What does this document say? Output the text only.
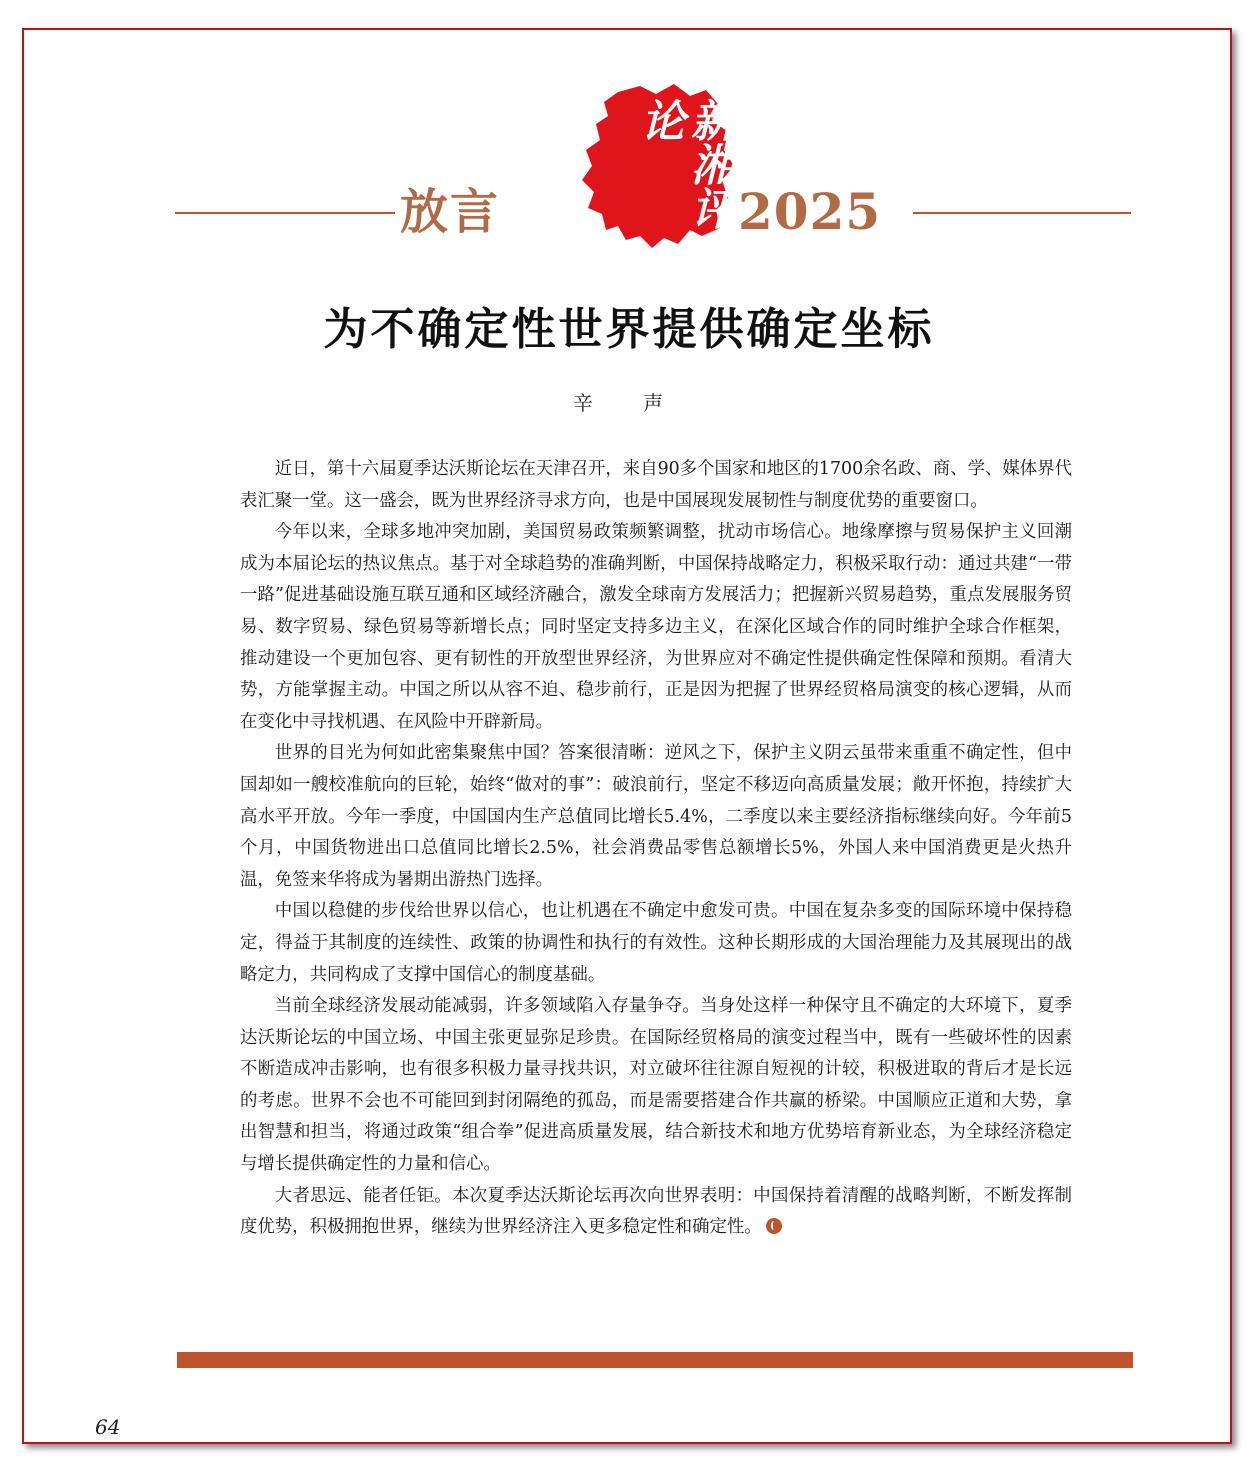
放言	新湘评论
2025
为不确定性世界提供确定坐标
辛 声

近日，第十六届夏季达沃斯论坛在天津召开，来自90多个国家和地区的1700余名政、商、学、媒体界代表汇聚一堂。这一盛会，既为世界经济寻求方向，也是中国展现发展韧性与制度优势的重要窗口。

今年以来，全球多地冲突加剧，美国贸易政策频繁调整，扰动市场信心。地缘摩擦与贸易保护主义回潮成为本届论坛的热议焦点。基于对全球趋势的准确判断，中国保持战略定力，积极采取行动：通过共建“一带一路”促进基础设施互联互通和区域经济融合，激发全球南方发展活力；把握新兴贸易趋势，重点发展服务贸易、数字贸易、绿色贸易等新增长点；同时坚定支持多边主义，在深化区域合作的同时维护全球合作框架，推动建设一个更加包容、更有韧性的开放型世界经济，为世界应对不确定性提供确定性保障和预期。看清大势，方能掌握主动。中国之所以从容不迫、稳步前行，正是因为把握了世界经贸格局演变的核心逻辑，从而在变化中寻找机遇、在风险中开辟新局。

世界的目光为何如此密集聚焦中国？答案很清晰：逆风之下，保护主义阴云虽带来重重不确定性，但中国却如一艘校准航向的巨轮，始终“做对的事”：破浪前行，坚定不移迈向高质量发展；敞开怀抱，持续扩大高水平开放。今年一季度，中国国内生产总值同比增长5.4%，二季度以来主要经济指标继续向好。今年前5个月，中国货物进出口总值同比增长2.5%，社会消费品零售总额增长5%，外国人来中国消费更是火热升温，免签来华将成为暑期出游热门选择。

中国以稳健的步伐给世界以信心，也让机遇在不确定中愈发可贵。中国在复杂多变的国际环境中保持稳定，得益于其制度的连续性、政策的协调性和执行的有效性。这种长期形成的大国治理能力及其展现出的战略定力，共同构成了支撑中国信心的制度基础。

当前全球经济发展动能减弱，许多领域陷入存量争夺。当身处这样一种保守且不确定的大环境下，夏季达沃斯论坛的中国立场、中国主张更显弥足珍贵。在国际经贸格局的演变过程当中，既有一些破坏性的因素不断造成冲击影响，也有很多积极力量寻找共识，对立破坏往往源自短视的计较，积极进取的背后才是长远的考虑。世界不会也不可能回到封闭隔绝的孤岛，而是需要搭建合作共赢的桥梁。中国顺应正道和大势，拿出智慧和担当，将通过政策“组合拳”促进高质量发展，结合新技术和地方优势培育新业态，为全球经济稳定与增长提供确定性的力量和信心。

大者思远、能者任钜。本次夏季达沃斯论坛再次向世界表明：中国保持着清醒的战略判断，不断发挥制度优势，积极拥抱世界，继续为世界经济注入更多稳定性和确定性。

64
